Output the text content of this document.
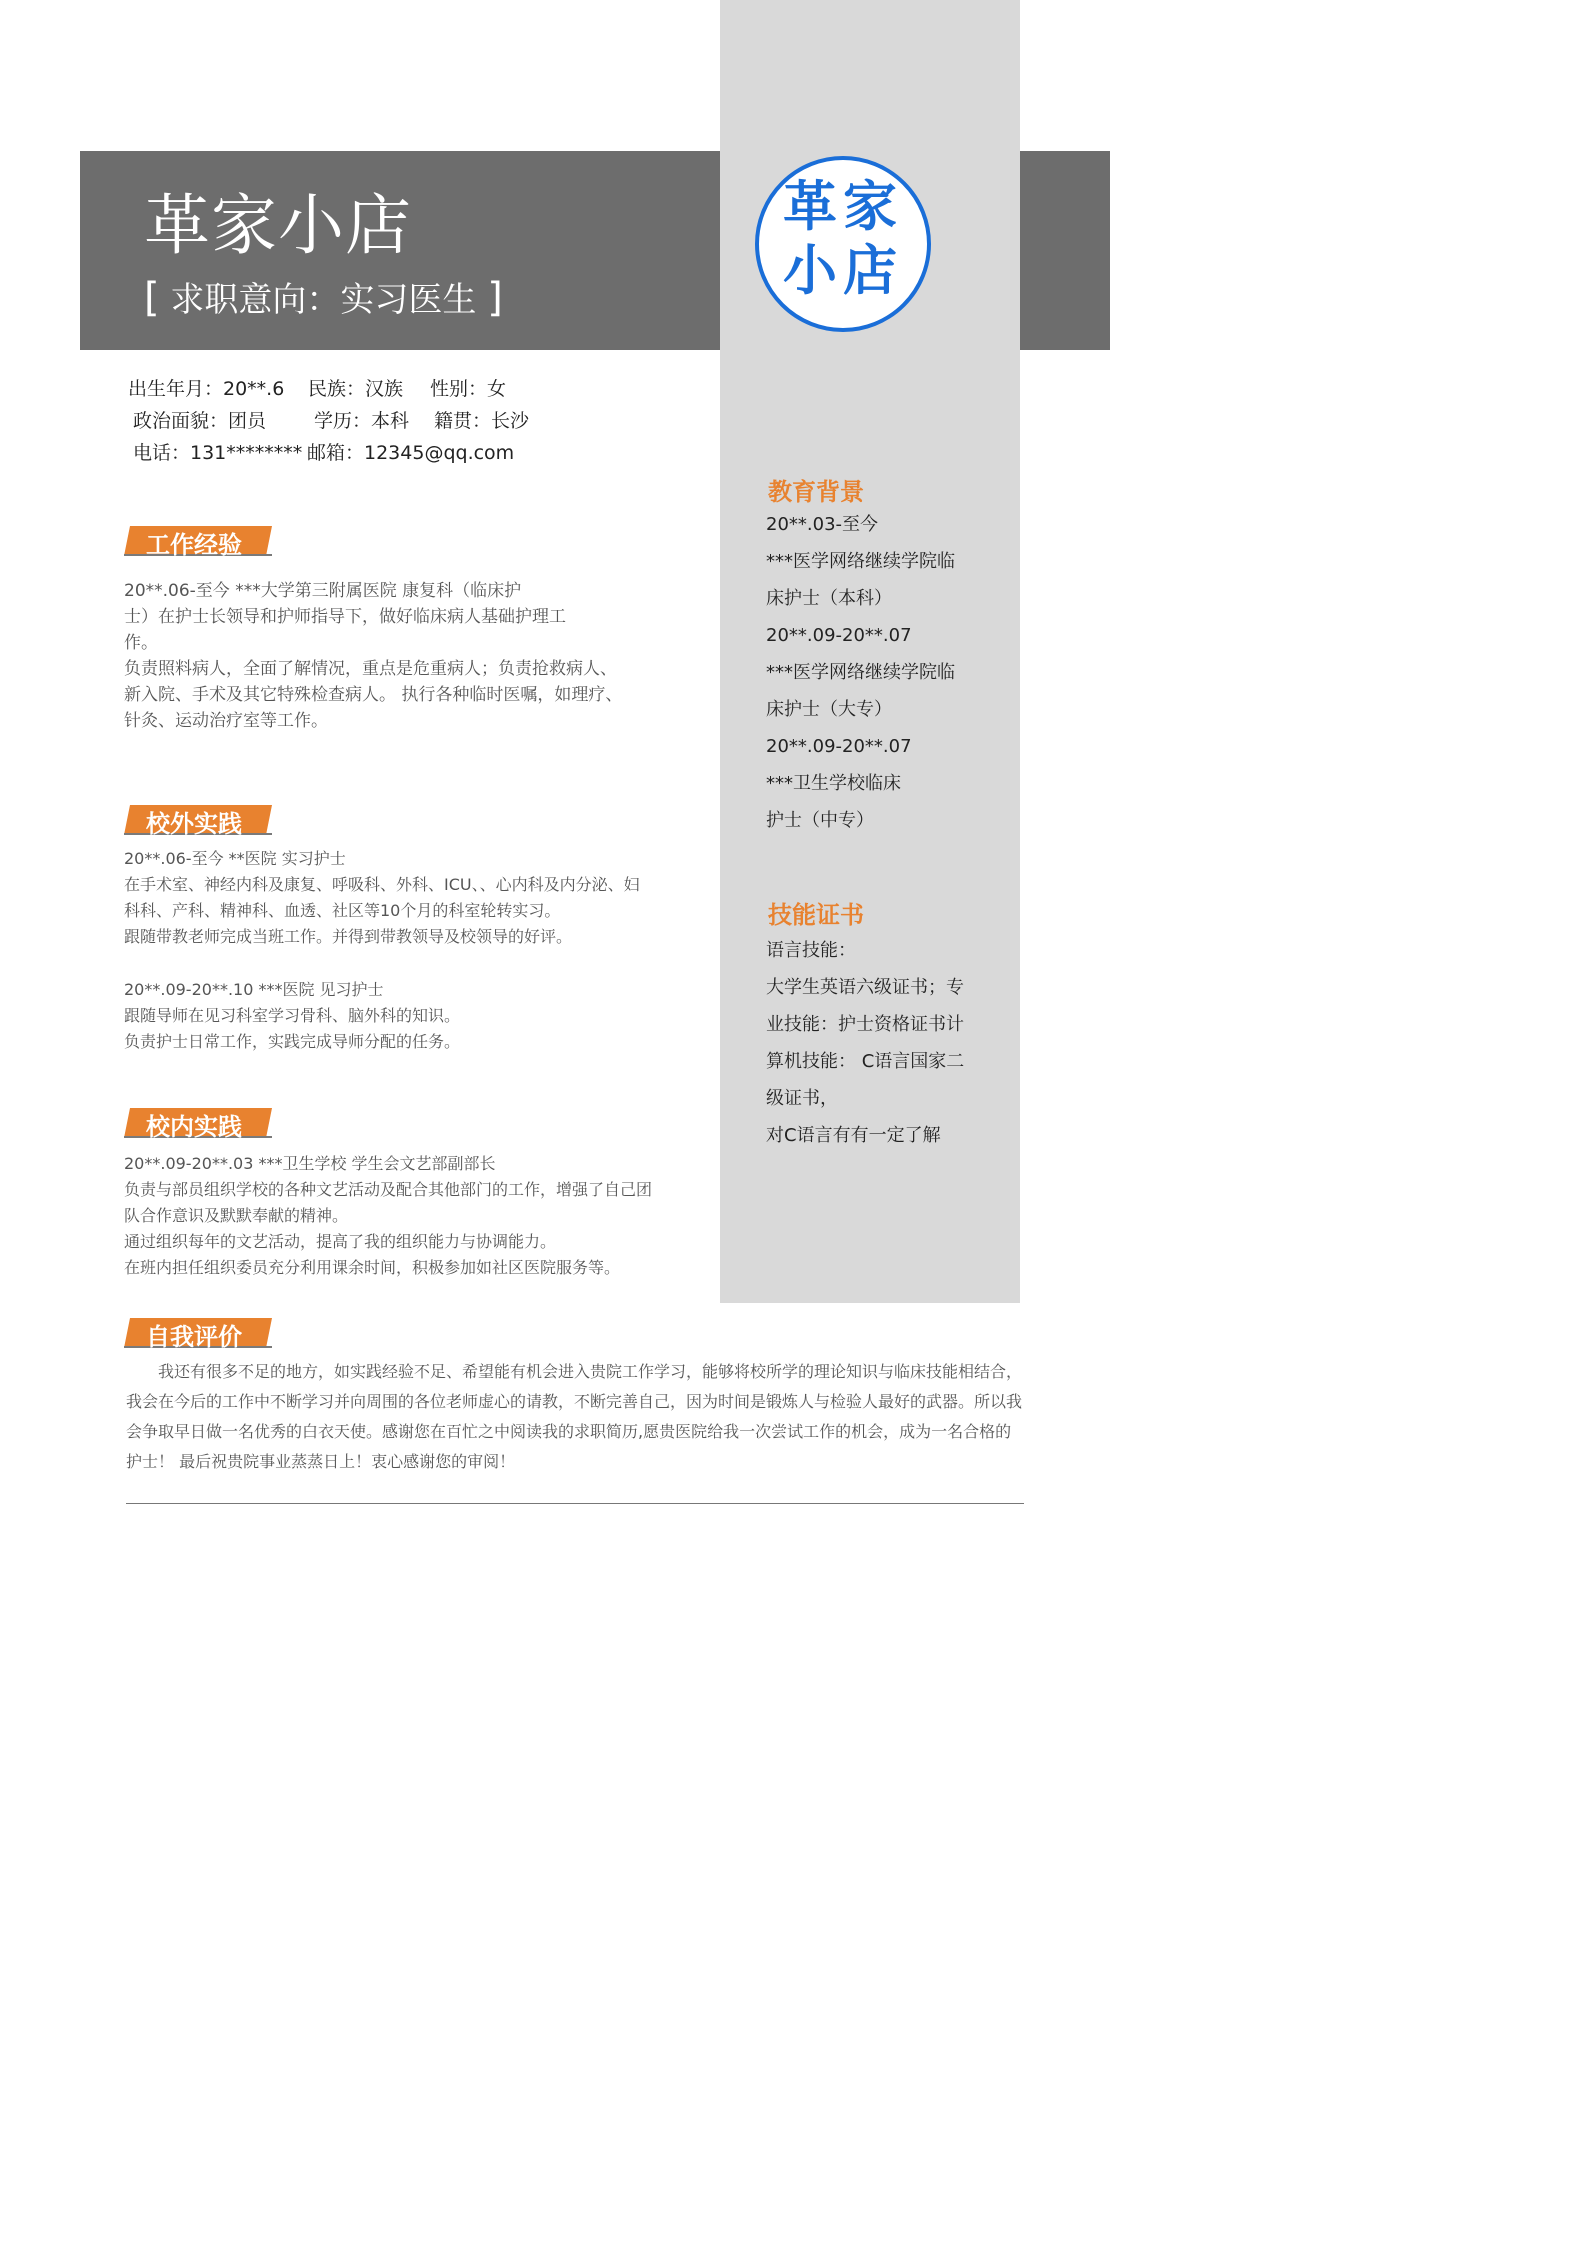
革家小店
[ 求职意向：实习医生 ]
革家
小店
出生年月：20**.6 民族：汉族 性别：女
政治面貌：团员	学历：本科 籍贯：长沙
电话：131******** 邮箱：12345@qq.com
工作经验
20**.06-至今 ***大学第三附属医院 康复科（临床护
士）在护士长领导和护师指导下，做好临床病人基础护理工
作。
负责照料病人，全面了解情况，重点是危重病人；负责抢救病人、
新入院、手术及其它特殊检查病人。 执行各种临时医嘱，如理疗、
针灸、运动治疗室等工作。
校外实践
20**.06-至今 **医院 实习护士
在手术室、神经内科及康复、呼吸科、外科、ICU、、心内科及内分泌、妇
科科、产科、精神科、血透、社区等10个月的科室轮转实习。
跟随带教老师完成当班工作。并得到带教领导及校领导的好评。
20**.09-20**.10 ***医院 见习护士
跟随导师在见习科室学习骨科、脑外科的知识。
负责护士日常工作，实践完成导师分配的任务。
校内实践
20**.09-20**.03 ***卫生学校 学生会文艺部副部长
负责与部员组织学校的各种文艺活动及配合其他部门的工作，增强了自己团
队合作意识及默默奉献的精神。
通过组织每年的文艺活动，提高了我的组织能力与协调能力。
在班内担任组织委员充分利用课余时间，积极参加如社区医院服务等。
自我评价
我还有很多不足的地方，如实践经验不足、希望能有机会进入贵院工作学习，能够将校所学的理论知识与临床技能相结合，我会在今后的工作中不断学习并向周围的各位老师虚心的请教，不断完善自己，因为时间是锻炼人与检验人最好的武器。所以我会争取早日做一名优秀的白衣天使。感谢您在百忙之中阅读我的求职简历,愿贵医院给我一次尝试工作的机会，成为一名合格的护士！ 最后祝贵院事业蒸蒸日上！衷心感谢您的审阅！
教育背景
20**.03-至今
***医学网络继续学院临
床护士（本科）
20**.09-20**.07
***医学网络继续学院临
床护士（大专）
20**.09-20**.07
***卫生学校临床
护士（中专）
技能证书
语言技能：
大学生英语六级证书；专
业技能：护士资格证书计
算机技能： C语言国家二
级证书，
对C语言有有一定了解
